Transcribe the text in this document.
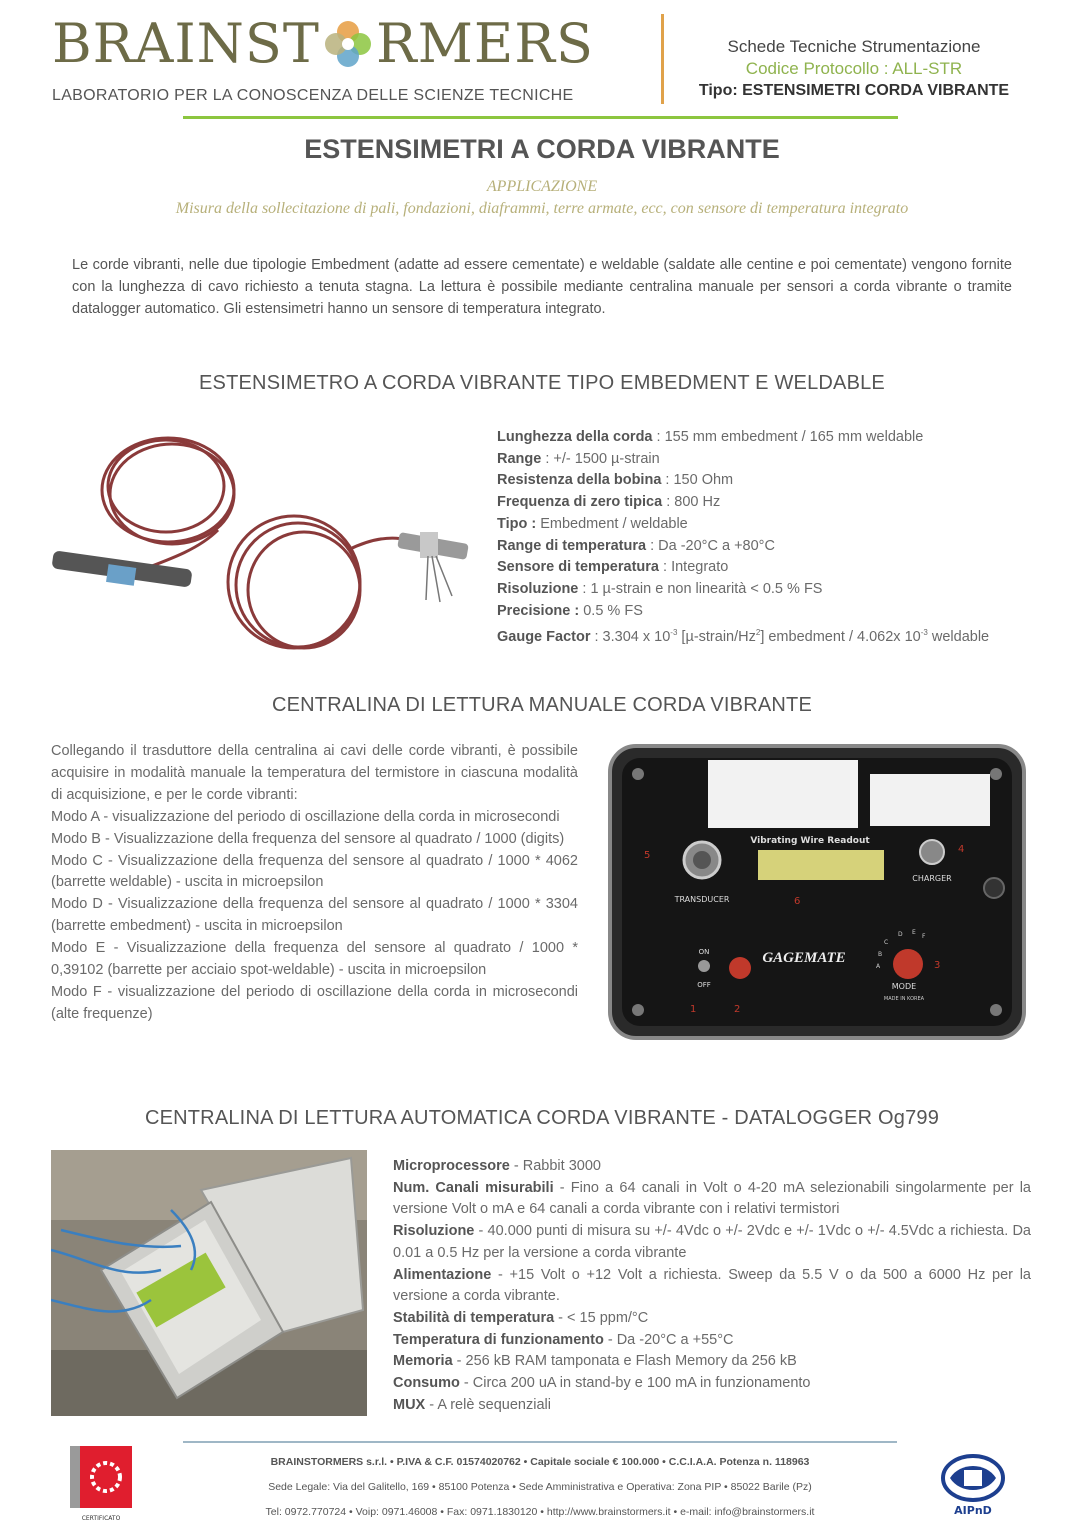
BRAINST RMERS
LABORATORIO PER LA CONOSCENZA DELLE SCIENZE TECNICHE
Schede Tecniche Strumentazione
Codice Protocollo : ALL-STR
Tipo: ESTENSIMETRI CORDA VIBRANTE
ESTENSIMETRI A CORDA VIBRANTE
APPLICAZIONE
Misura della sollecitazione di pali, fondazioni, diaframmi, terre armate, ecc, con sensore di temperatura integrato
Le corde vibranti, nelle due tipologie Embedment (adatte ad essere cementate) e weldable (saldate alle centine e poi cementate) vengono fornite con la lunghezza di cavo richiesto a tenuta stagna. La lettura è possibile mediante centralina manuale per sensori a corda vibrante o tramite datalogger automatico. Gli estensimetri hanno un sensore di temperatura integrato.
ESTENSIMETRO A CORDA VIBRANTE TIPO EMBEDMENT E WELDABLE
Lunghezza della corda : 155 mm embedment / 165 mm weldable
Range : +/- 1500 µ-strain
Resistenza della bobina : 150 Ohm
Frequenza di zero tipica : 800 Hz
Tipo : Embedment / weldable
Range di temperatura : Da -20°C a +80°C
Sensore di temperatura : Integrato
Risoluzione : 1 µ-strain e non linearità < 0.5 % FS
Precisione : 0.5 % FS
Gauge Factor : 3.304 x $10^{-3}$ [µ-strain/Hz$^2$] embedment / 4.062x $10^{-3}$ weldable
CENTRALINA DI LETTURA MANUALE CORDA VIBRANTE
Collegando il trasduttore della centralina ai cavi delle corde vibranti, è possibile acquisire in modalità manuale la temperatura del termistore in ciascuna modalità di acquisizione, e per le corde vibranti:
Modo A - visualizzazione del periodo di oscillazione della corda in microsecondi
Modo B - Visualizzazione della frequenza del sensore al quadrato / 1000 (digits)
Modo C - Visualizzazione della frequenza del sensore al quadrato / 1000 * 4062 (barrette weldable) - uscita in microepsilon
Modo D - Visualizzazione della frequenza del sensore al quadrato / 1000 * 3304 (barrette embedment) - uscita in microepsilon
Modo E - Visualizzazione della frequenza del sensore al quadrato / 1000 * 0,39102 (barrette per acciaio spot-weldable) - uscita in microepsilon
Modo F - visualizzazione del periodo di oscillazione della corda in microsecondi (alte frequenze)
Vibrating Wire Readout
TRANSDUCER
CHARGER
GAGEMATE
ON
OFF	MODE
MADE IN KOREA
A
B
C
D E
F
1	2
3
4
5
6
CENTRALINA DI LETTURA AUTOMATICA CORDA VIBRANTE - DATALOGGER Og799
Microprocessore - Rabbit 3000
Num. Canali misurabili - Fino a 64 canali in Volt o 4-20 mA selezionabili singolarmente per la versione Volt o mA e 64 canali a corda vibrante con i relativi termistori
Risoluzione - 40.000 punti di misura su +/- 4Vdc o +/- 2Vdc e +/- 1Vdc o +/- 4.5Vdc a richiesta. Da 0.01 a 0.5 Hz per la versione a corda vibrante
Alimentazione - +15 Volt o +12 Volt a richiesta. Sweep da 5.5 V o da 500 a 6000 Hz per la versione a corda vibrante.
Stabilità di temperatura - < 15 ppm/°C
Temperatura di funzionamento - Da -20°C a +55°C
Memoria - 256 kB RAM tamponata e Flash Memory da 256 kB
Consumo - Circa 200 uA in stand-by e 100 mA in funzionamento
MUX - A relè sequenziali
CERTIFICATO
BRAINSTORMERS s.r.l. • P.IVA & C.F. 01574020762 • Capitale sociale € 100.000 • C.C.I.A.A. Potenza n. 118963
Sede Legale: Via del Galitello, 169 • 85100 Potenza • Sede Amministrativa e Operativa: Zona PIP • 85022 Barile (Pz)
Tel: 0972.770724 • Voip: 0971.46008 • Fax: 0971.1830120 • http://www.brainstormers.it • e-mail: info@brainstormers.it	AIPnD
